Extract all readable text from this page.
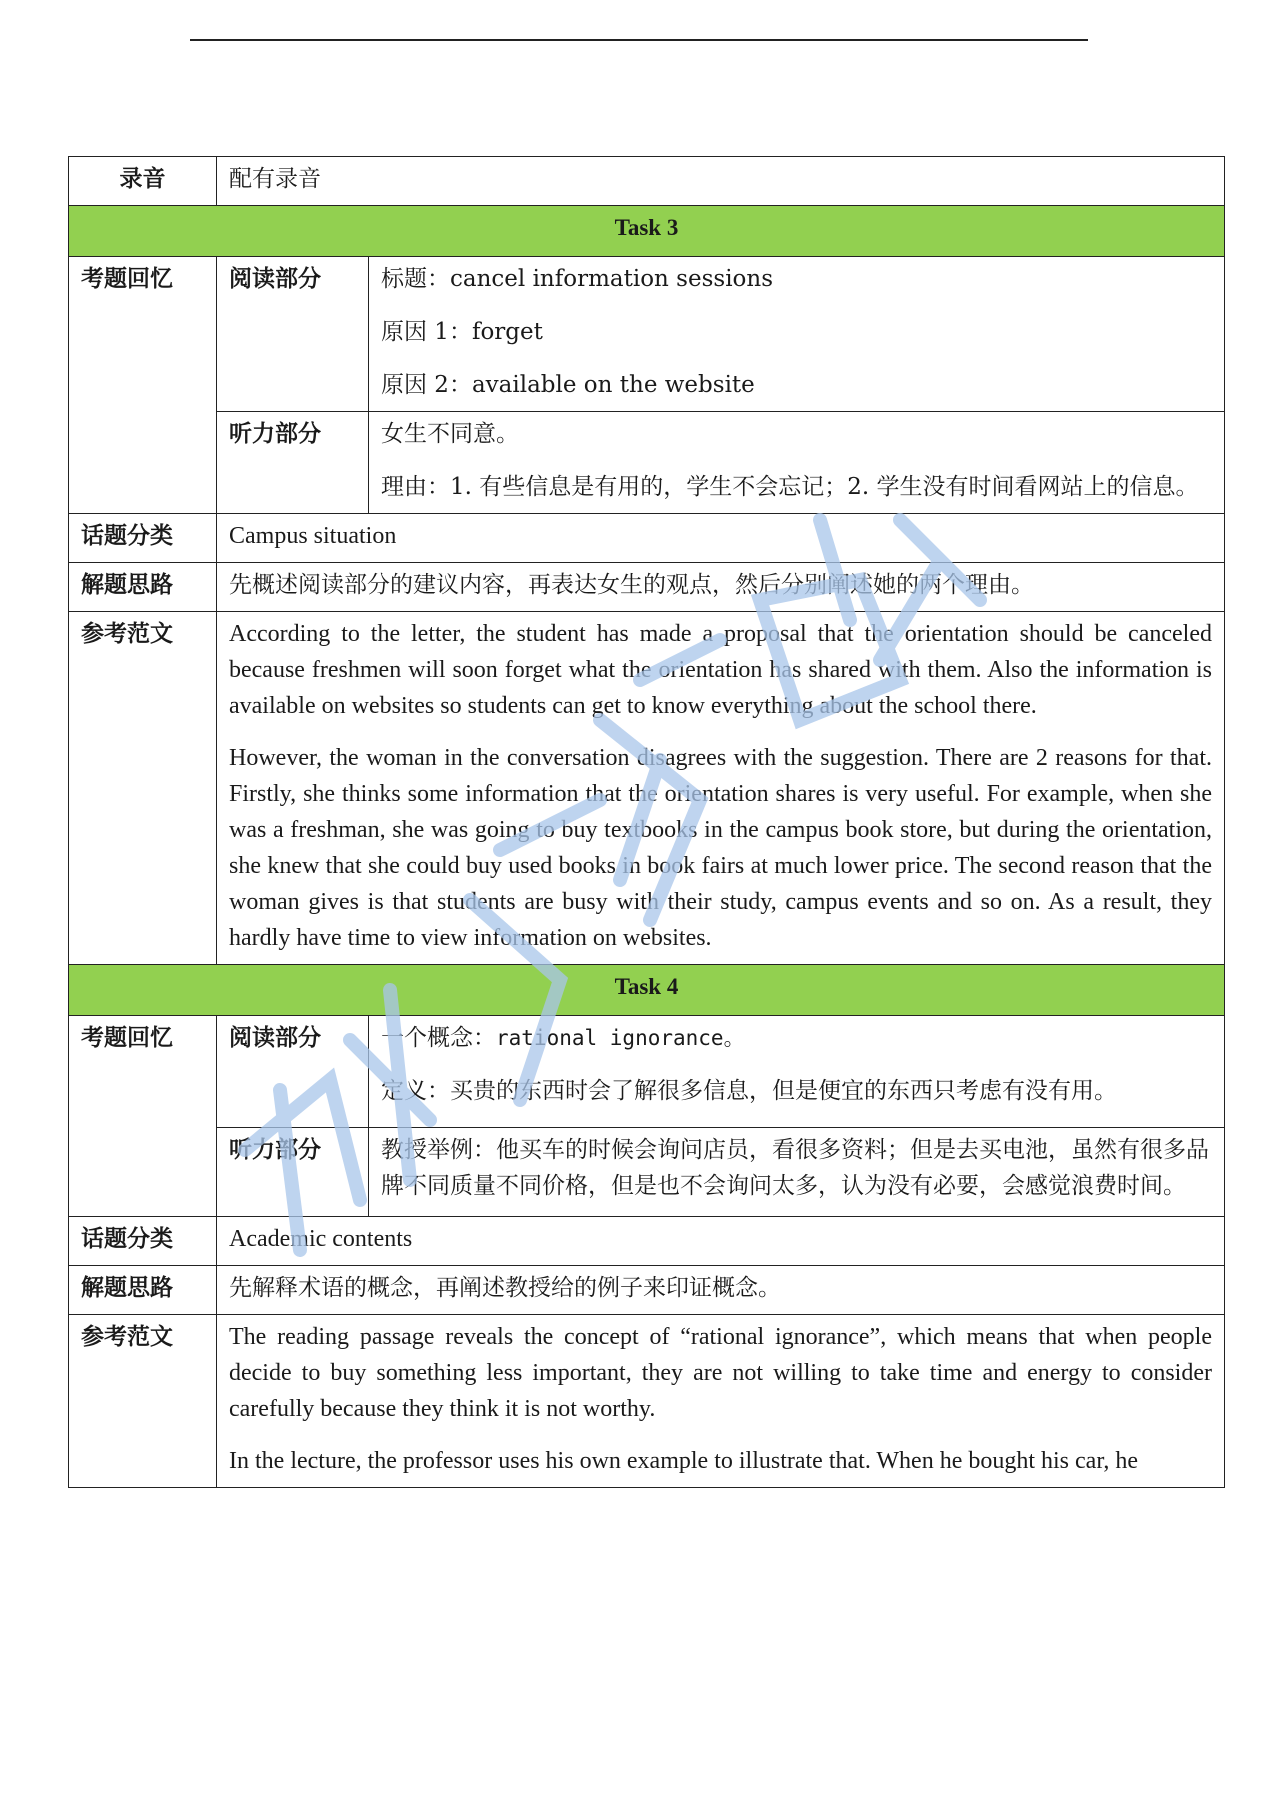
录音	配有录音	
Task 3		
考题回忆	阅读部分	标题：cancel information sessions
原因 1：forget
原因 2：available on the website

	听力部分	女生不同意。
理由：1. 有些信息是有用的，学生不会忘记；2. 学生没有时间看网站上的信息。

话题分类	Campus situation	
解题思路	先概述阅读部分的建议内容，再表达女生的观点，然后分别阐述她的两个理由。	
参考范文	According to the letter, the student has made a proposal that the orientation should be canceled because freshmen will soon forget what the orientation has shared with them. Also the information is available on websites so students can get to know everything about the school there.

However, the woman in the conversation disagrees with the suggestion. There are 2 reasons for that. Firstly, she thinks some information that the orientation shares is very useful. For example, when she was a freshman, she was going to buy textbooks in the campus book store, but during the orientation, she knew that she could buy used books in book fairs at much lower price. The second reason that the woman gives is that students are busy with their study, campus events and so on. As a result, they hardly have time to view information on websites.	

Task 4		
考题回忆	阅读部分	一个概念：rational ignorance。
定义：买贵的东西时会了解很多信息，但是便宜的东西只考虑有没有用。

	听力部分	教授举例：他买车的时候会询问店员，看很多资料；但是去买电池，虽然有很多品牌不同质量不同价格，但是也不会询问太多，认为没有必要，会感觉浪费时间。

话题分类	Academic contents	
解题思路	先解释术语的概念，再阐述教授给的例子来印证概念。	
参考范文	The reading passage reveals the concept of “rational ignorance”, which means that when people decide to buy something less important, they are not willing to take time and energy to consider carefully because they think it is not worthy.

In the lecture, the professor uses his own example to illustrate that. When he bought his car, he	
